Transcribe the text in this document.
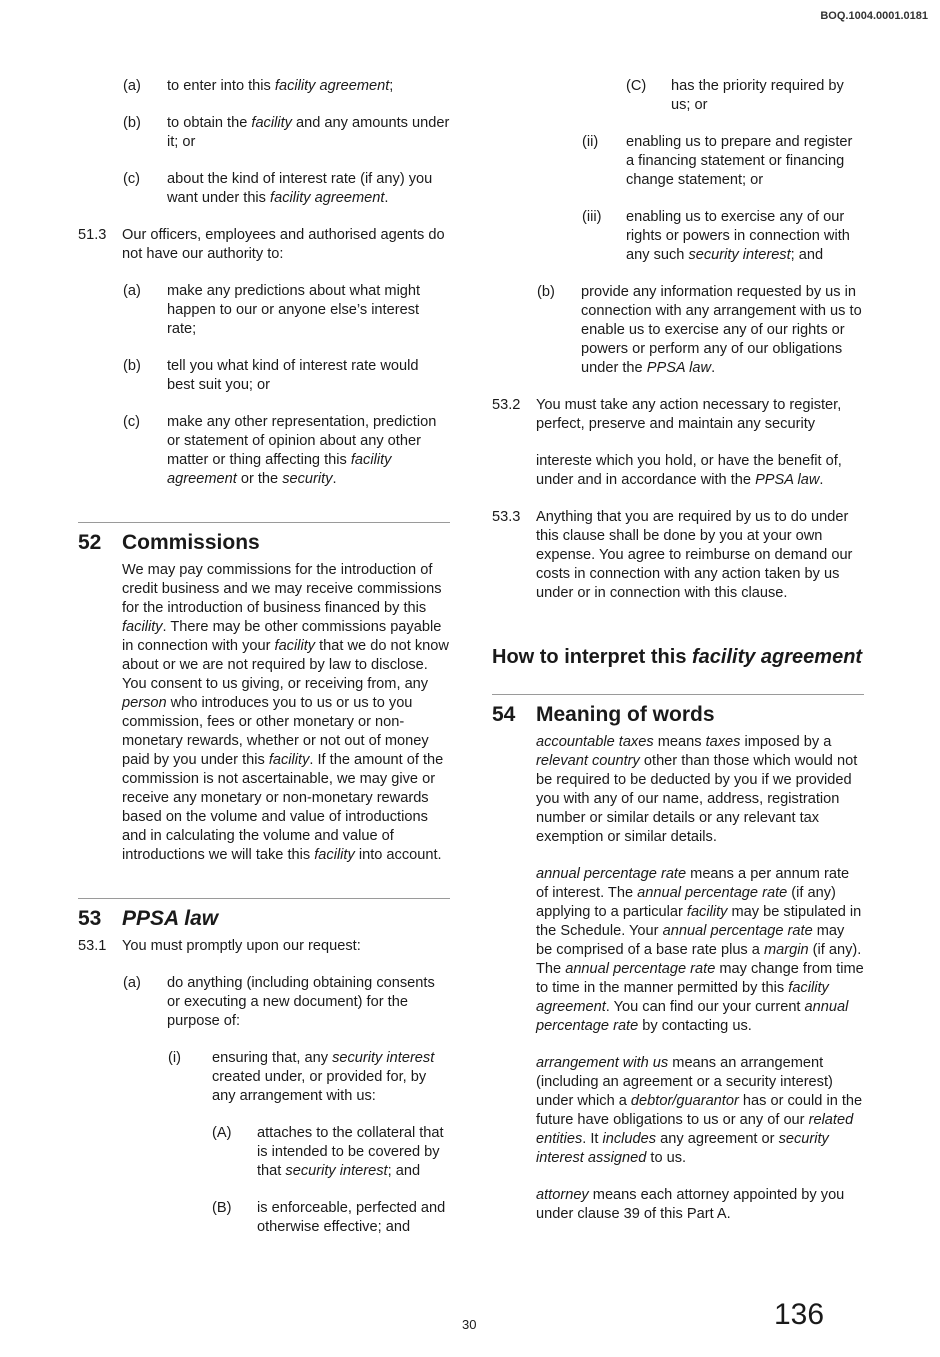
BOQ.1004.0001.0181
(a) to enter into this facility agreement;
(b) to obtain the facility and any amounts under it; or
(c) about the kind of interest rate (if any) you want under this facility agreement.
51.3 Our officers, employees and authorised agents do not have our authority to:
(a) make any predictions about what might happen to our or anyone else’s interest rate;
(b) tell you what kind of interest rate would best suit you; or
(c) make any other representation, prediction or statement of opinion about any other matter or thing affecting this facility agreement or the security.
52 Commissions
We may pay commissions for the introduction of credit business and we may receive commissions for the introduction of business financed by this facility. There may be other commissions payable in connection with your facility that we do not know about or we are not required by law to disclose. You consent to us giving, or receiving from, any person who introduces you to us or us to you commission, fees or other monetary or non-monetary rewards, whether or not out of money paid by you under this facility. If the amount of the commission is not ascertainable, we may give or receive any monetary or non-monetary rewards based on the volume and value of introductions and in calculating the volume and value of introductions we will take this facility into account.
53 PPSA law
53.1 You must promptly upon our request:
(a) do anything (including obtaining consents or executing a new document) for the purpose of:
(i) ensuring that, any security interest created under, or provided for, by any arrangement with us:
(A) attaches to the collateral that is intended to be covered by that security interest; and
(B) is enforceable, perfected and otherwise effective; and
(C) has the priority required by us; or
(ii) enabling us to prepare and register a financing statement or financing change statement; or
(iii) enabling us to exercise any of our rights or powers in connection with any such security interest; and
(b) provide any information requested by us in connection with any arrangement with us to enable us to exercise any of our rights or powers or perform any of our obligations under the PPSA law.
53.2 You must take any action necessary to register, perfect, preserve and maintain any security
intereste which you hold, or have the benefit of, under and in accordance with the PPSA law.
53.3 Anything that you are required by us to do under this clause shall be done by you at your own expense. You agree to reimburse on demand our costs in connection with any action taken by us under or in connection with this clause.
How to interpret this facility agreement
54 Meaning of words
accountable taxes means taxes imposed by a relevant country other than those which would not be required to be deducted by you if we provided you with any of our name, address, registration number or similar details or any relevant tax exemption or similar details.
annual percentage rate means a per annum rate of interest. The annual percentage rate (if any) applying to a particular facility may be stipulated in the Schedule. Your annual percentage rate may be comprised of a base rate plus a margin (if any). The annual percentage rate may change from time to time in the manner permitted by this facility agreement. You can find our your current annual percentage rate by contacting us.
arrangement with us means an arrangement (including an agreement or a security interest) under which a debtor/guarantor has or could in the future have obligations to us or any of our related entities. It includes any agreement or security interest assigned to us.
attorney means each attorney appointed by you under clause 39 of this Part A.
30	136
